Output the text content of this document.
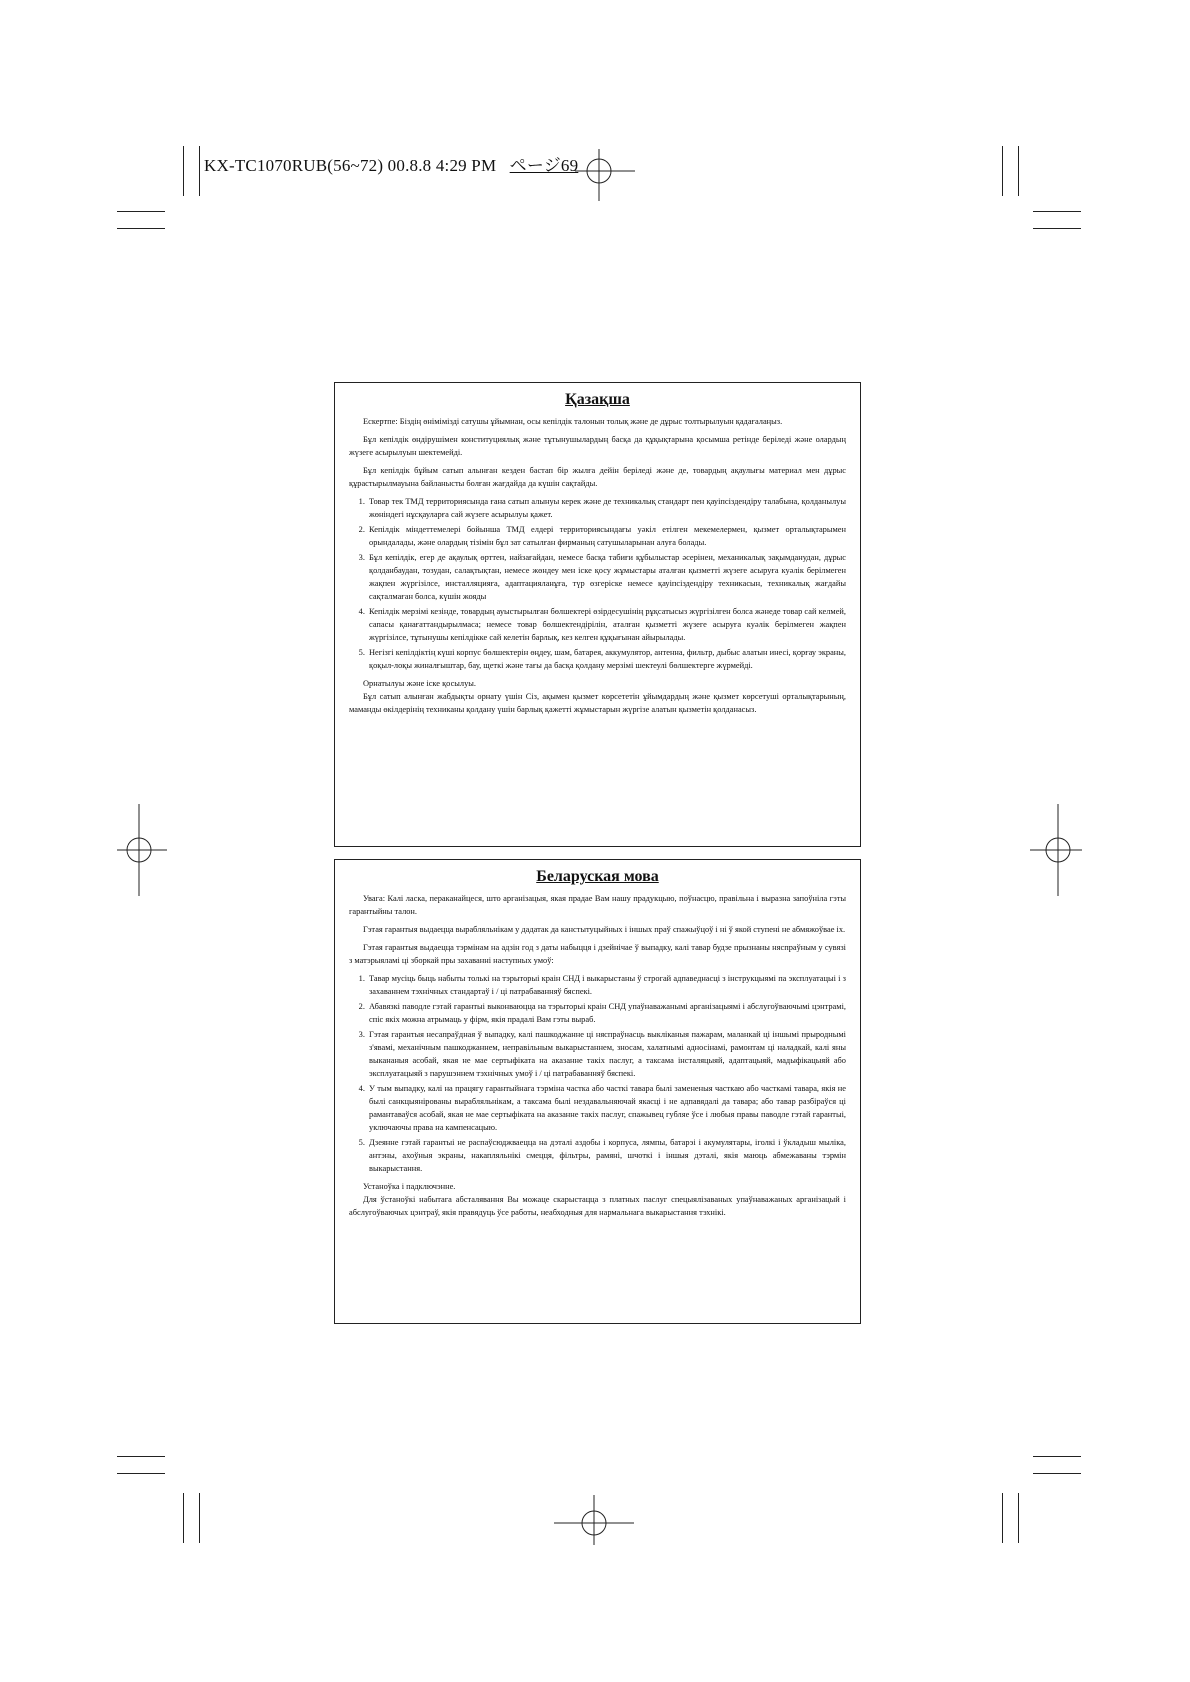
KX-TC1070RUB(56~72) 00.8.8 4:29 PM ページ69
Қазақша

Ескертпе: Біздің өнімімізді сатушы ұйымнан, осы кепілдік талонын толық және де дұрыс толтырылуын қадағалаңыз.

Бұл кепілдік өндірушімен конституциялық және тұтынушылардың басқа да құқықтарына қосымша ретінде беріледі және олардың жүзеге асырылуын шектемейді.

Бұл кепілдік бұйым сатып алынған кезден бастап бір жылға дейін беріледі және де, товардың ақаулығы материал мен дұрыс құрастырылмауына байланысты болған жағдайда да күшін сақтайды.

1. Товар тек ТМД территориясында ғана сатып алынуы керек және де техникалық стандарт пен қауіпсіздендіру талабына, қолданылуы жөніндегі нұсқауларға сай жүзеге асырылуы қажет.
2. Кепілдік міндеттемелері бойынша ТМД елдері территориясындағы уәкіл етілген мекемелермен, қызмет орталықтарымен орындалады, және олардың тізімін бұл зат сатылған фирманың сатушыларынан алуға болады.
3. Бұл кепілдік, егер де ақаулық өрттен, найзағайдан, немесе басқа табиғи құбылыстар әсерінен, механикалық зақымданудан, дұрыс қолданбаудан, тозудан, салақтықтан, немесе жөндеу мен іске қосу жұмыстары аталған қызметті жүзеге асыруға куәлік берілмеген жақпен жүргізілсе, инсталляцияға, адаптацияланұға, түр өзгеріске немесе қауіпсіздендіру техникасын, техникалық жағдайы сақталмаған болса, күшін жояды
4. Кепілдік мерзімі кезінде, товардың ауыстырылған бөлшектері өзірдесушінің рұқсатысыз жүргізілген болса жәнеде товар сай келмей, сапасы қанағаттандырылмаса; немесе товар бөлшектендірілін, аталған қызметті жүзеге асыруға куәлік берілмеген жақпен жүргізілсе, тұтынушы кепілдікке сай келетін барлық, кез келген құқығынан айырылады.
5. Негізгі кепілдіктің күші корпус бөлшектерін өңдеу, шам, батарея, аккумулятор, антенна, фильтр, дыбыс алатын инесі, қорғау экраны, қоқыл-лоқы жиналғыштар, бау, щеткі және тағы да басқа қолдану мерзімі шектеулі бөлшектерге жүрмейді.

Орнатылуы және іске қосылуы.

Бұл сатып алынған жабдықты орнату үшін Сіз, ақымен қызмет көрсететін ұйымдардың және қызмет көрсетуші орталықтарының, маманды өкілдерінің техниканы қолдану үшін барлық қажетті жұмыстарын жүргізе алатын қызметін қолданасыз.

Беларуская мова

Увага: Калі ласка, пераканайцеся, што арганізацыя, якая прадае Вам нашу прадукцыю, поўнасцю, правільна і выразна запоўніла гэты гарантыйны талон.

Гэтая гарантыя выдаецца вырабляльнікам у дадатак да канстытуцыйных і іншых праў спажыўцоў і ні ў якой ступені не абмяжоўвае іх.

Гэтая гарантыя выдаецца тэрмінам на адзін год з даты набыцця і дзейнічае ў выпадку, калі тавар будзе прызнаны няспраўным у сувязі з матэрыяламі ці зборкай пры захаванні наступных умоў:

1. Тавар мусіць быць набыты толькі на тэрыторыі краін СНД і выкарыстаны ў строгай адпаведнасці з інструкцыямі па эксплуатацыі і з захаваннем тэхнічных стандартаў і / ці патрабаванняў бяспекі.
2. Абавязкі паводле гэтай гарантыі выконваюцца на тэрыторыі краін СНД упаўнаважанымі арганізацыямі і абслугоўваючымі цэнтрамі, спіс якіх можна атрымаць у фірм, якія прадалі Вам гэты выраб.
3. Гэтая гарантыя несапраўдная ў выпадку, калі пашкоджанне ці няспраўнасць выкліканыя пажарам, маланкай ці іншымі прыроднымі з'явамі, механічным пашкоджаннем, неправільным выкарыстаннем, зносам, халатнымі адносінамі, рамонтам ці наладкай, калі яны выкананыя асобай, якая не мае сертыфіката на аказанне такіх паслуг, а таксама інсталяцыяй, адаптацыяй, мадыфікацыяй або эксплуатацыяй з парушэннем тэхнічных умоў і / ці патрабаванняў бяспекі.
4. У тым выпадку, калі на працягу гарантыйнага тэрміна частка або часткі тавара былі замененыя часткаю або часткамі тавара, якія не былі санкцыянірованы вырабляльнікам, а таксама былі нездавальняючай якасці і не адпавядалі да тавара; або тавар разбіраўся ці рамантаваўся асобай, якая не мае сертыфіката на аказанне такіх паслуг, спажывец губляе ўсе і любыя правы паводле гэтай гарантыі, уключаючы права на кампенсацыю.
5. Дзеянне гэтай гарантыі не распаўсюджваецца на дэталі аздобы і корпуса, лямпы, батарэі і акумулятары, іголкі і ўкладыш мыліка, антэны, ахоўныя экраны, накапляльнікі смецця, фільтры, рамяні, шчоткі і іншыя дэталі, якія маюць абмежаваны тэрмін выкарыстання.

Устаноўка і падключэнне.

Для ўстаноўкі набытага абсталявання Вы можаце скарыстацца з платных паслуг спецыялізаваных упаўнаважаных арганізацый і абслугоўваючых цэнтраў, якія правядуць ўсе работы, неабходныя для нармальнага выкарыстання тэхнікі.
